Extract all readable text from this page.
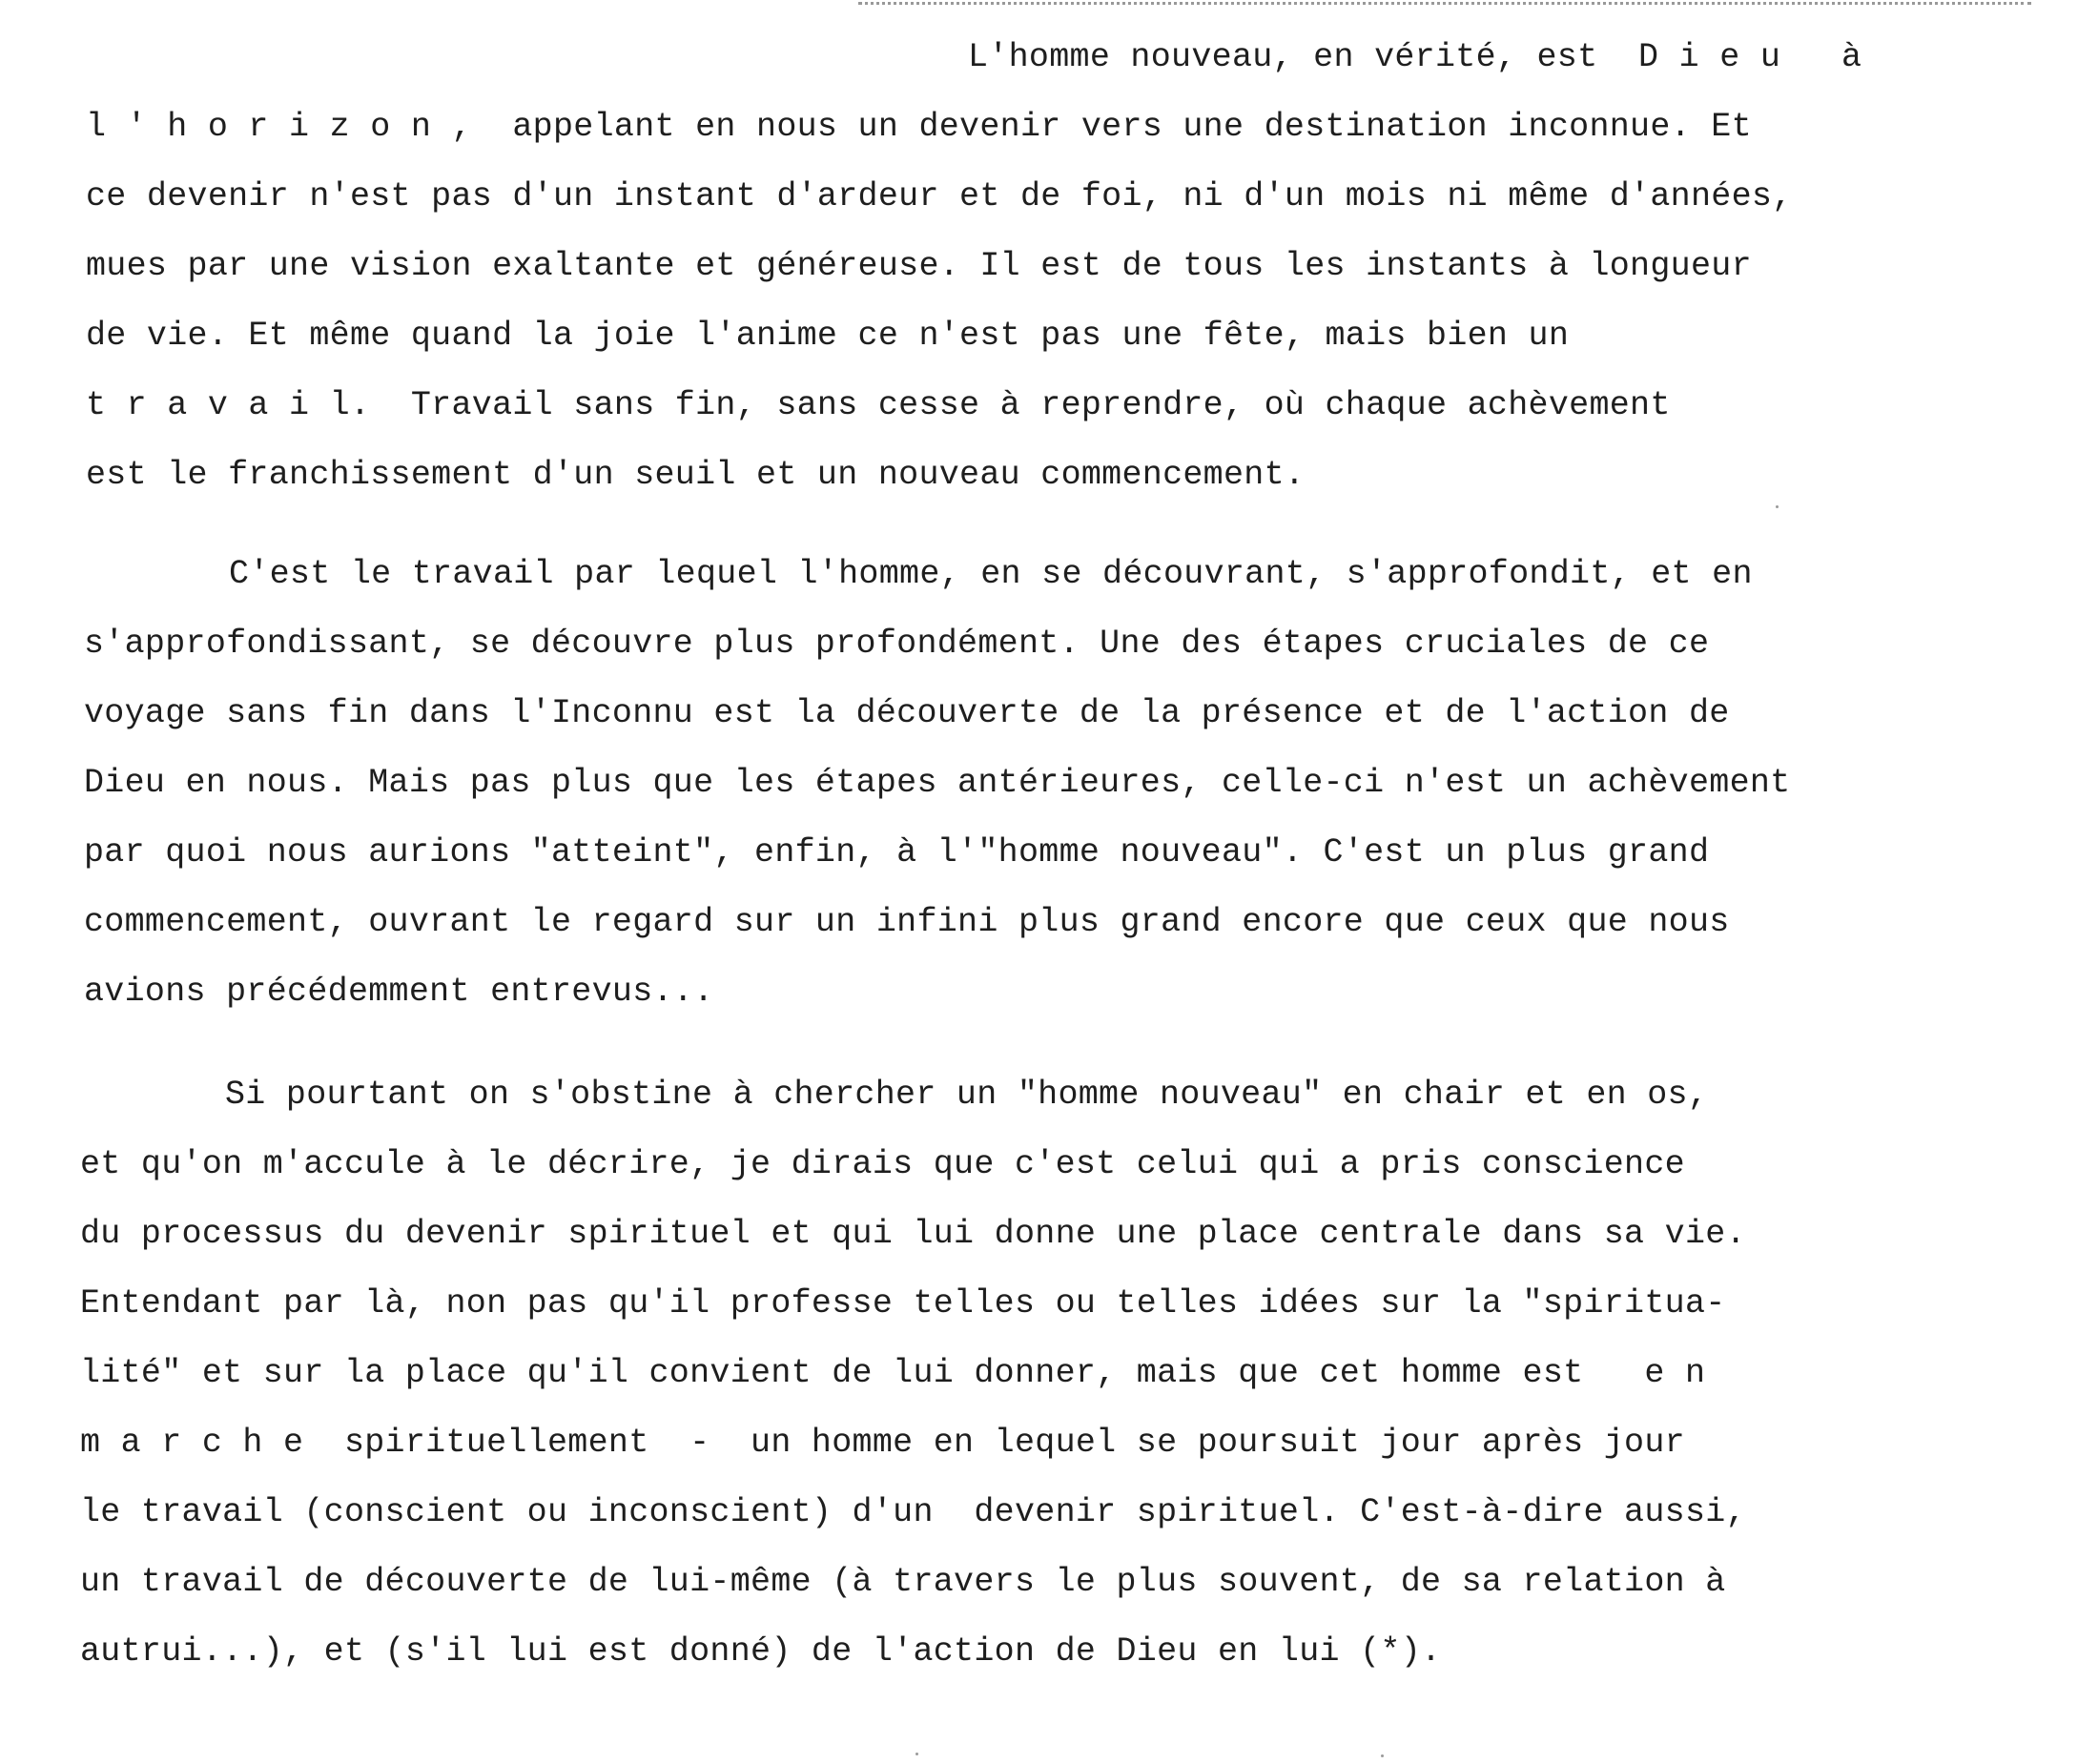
L'homme nouveau, en vérité, est  D i e u   à
l ' h o r i z o n ,  appelant en nous un devenir vers une destination inconnue. Et
ce devenir n'est pas d'un instant d'ardeur et de foi, ni d'un mois ni même d'années,
mues par une vision exaltante et généreuse. Il est de tous les instants à longueur
de vie. Et même quand la joie l'anime ce n'est pas une fête, mais bien un
t r a v a i l.  Travail sans fin, sans cesse à reprendre, où chaque achèvement
est le franchissement d'un seuil et un nouveau commencement.
C'est le travail par lequel l'homme, en se découvrant, s'approfondit, et en
s'approfondissant, se découvre plus profondément. Une des étapes cruciales de ce
voyage sans fin dans l'Inconnu est la découverte de la présence et de l'action de
Dieu en nous. Mais pas plus que les étapes antérieures, celle-ci n'est un achèvement
par quoi nous aurions "atteint", enfin, à l'"homme nouveau". C'est un plus grand
commencement, ouvrant le regard sur un infini plus grand encore que ceux que nous
avions précédemment entrevus...
Si pourtant on s'obstine à chercher un "homme nouveau" en chair et en os,
et qu'on m'accule à le décrire, je dirais que c'est celui qui a pris conscience
du processus du devenir spirituel et qui lui donne une place centrale dans sa vie.
Entendant par là, non pas qu'il professe telles ou telles idées sur la "spiritua-
lité" et sur la place qu'il convient de lui donner, mais que cet homme est   e n
m a r c h e  spirituellement  -  un homme en lequel se poursuit jour après jour
le travail (conscient ou inconscient) d'un  devenir spirituel. C'est-à-dire aussi,
un travail de découverte de lui-même (à travers le plus souvent, de sa relation à
autrui...), et (s'il lui est donné) de l'action de Dieu en lui (*).
